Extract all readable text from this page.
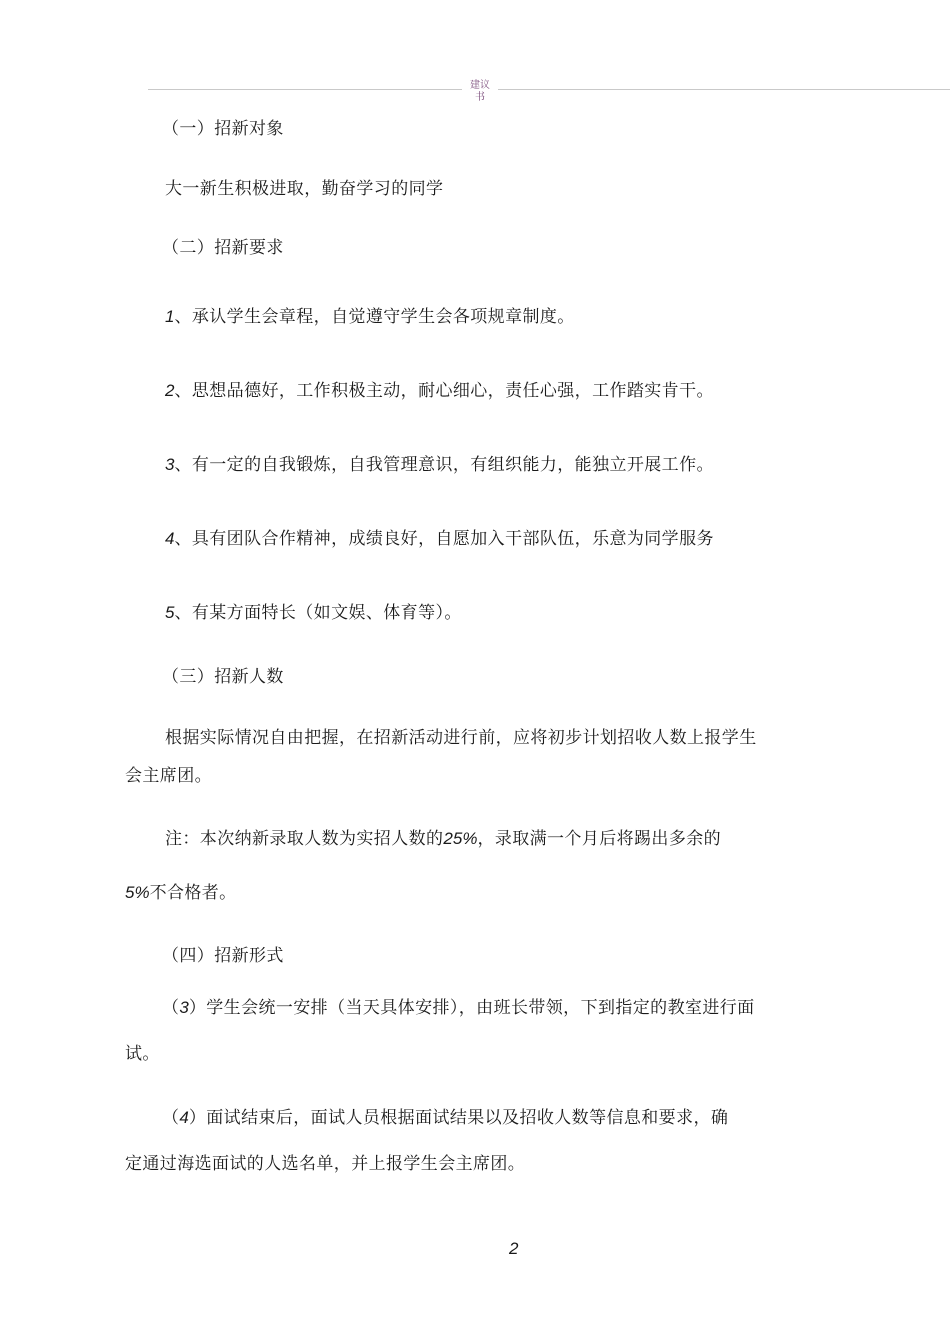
建议
书
（一）招新对象
大一新生积极进取，勤奋学习的同学
（二）招新要求
1、承认学生会章程，自觉遵守学生会各项规章制度。
2、思想品德好，工作积极主动，耐心细心，责任心强，工作踏实肯干。
3、有一定的自我锻炼，自我管理意识，有组织能力，能独立开展工作。
4、具有团队合作精神，成绩良好，自愿加入干部队伍，乐意为同学服务
5、有某方面特长（如文娱、体育等）。
（三）招新人数
根据实际情况自由把握，在招新活动进行前，应将初步计划招收人数上报学生
会主席团。
注：本次纳新录取人数为实招人数的25%，录取满一个月后将踢出多余的
5%不合格者。
（四）招新形式
（3）学生会统一安排（当天具体安排），由班长带领，下到指定的教室进行面
试。
（4）面试结束后，面试人员根据面试结果以及招收人数等信息和要求，确
定通过海选面试的人选名单，并上报学生会主席团。
2
